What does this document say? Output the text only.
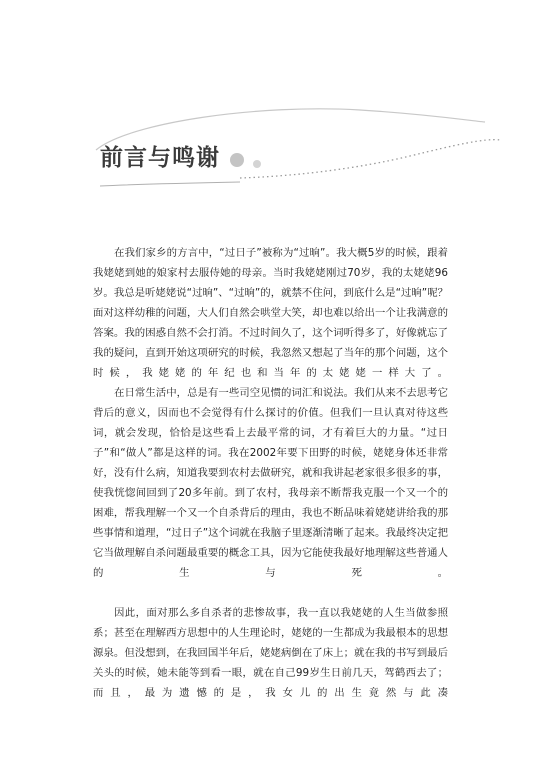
前言与鸣谢

在我们家乡的方言中，“过日子”被称为“过晌”。我大概5岁的时候，跟着我姥姥到她的娘家村去服侍她的母亲。当时我姥姥刚过70岁，我的太姥姥96岁。我总是听姥姥说“过晌”、“过晌”的，就禁不住问，到底什么是“过晌”呢？面对这样幼稚的问题，大人们自然会哄堂大笑，却也难以给出一个让我满意的答案。我的困惑自然不会打消。不过时间久了，这个词听得多了，好像就忘了我的疑问，直到开始这项研究的时候，我忽然又想起了当年的那个问题，这个时候，我姥姥的年纪也和当年的太姥姥一样大了。

在日常生活中，总是有一些司空见惯的词汇和说法。我们从来不去思考它背后的意义，因而也不会觉得有什么探讨的价值。但我们一旦认真对待这些词，就会发现，恰恰是这些看上去最平常的词，才有着巨大的力量。“过日子”和“做人”都是这样的词。我在2002年要下田野的时候，姥姥身体还非常好，没有什么病，知道我要到农村去做研究，就和我讲起老家很多很多的事，使我恍惚间回到了20多年前。到了农村，我母亲不断帮我克服一个又一个的困难，帮我理解一个又一个自杀背后的理由，我也不断品味着姥姥讲给我的那些事情和道理，“过日子”这个词就在我脑子里逐渐清晰了起来。我最终决定把它当做理解自杀问题最重要的概念工具，因为它能使我最好地理解这些普通人的生与死。

因此，面对那么多自杀者的悲惨故事，我一直以我姥姥的人生当做参照系；甚至在理解西方思想中的人生理论时，姥姥的一生都成为我最根本的思想源泉。但没想到，在我回国半年后，姥姥病倒在了床上；就在我的书写到最后关头的时候，她未能等到看一眼，就在自己99岁生日前几天，驾鹤西去了；而且，最为遗憾的是，我女儿的出生竟然与此凑
